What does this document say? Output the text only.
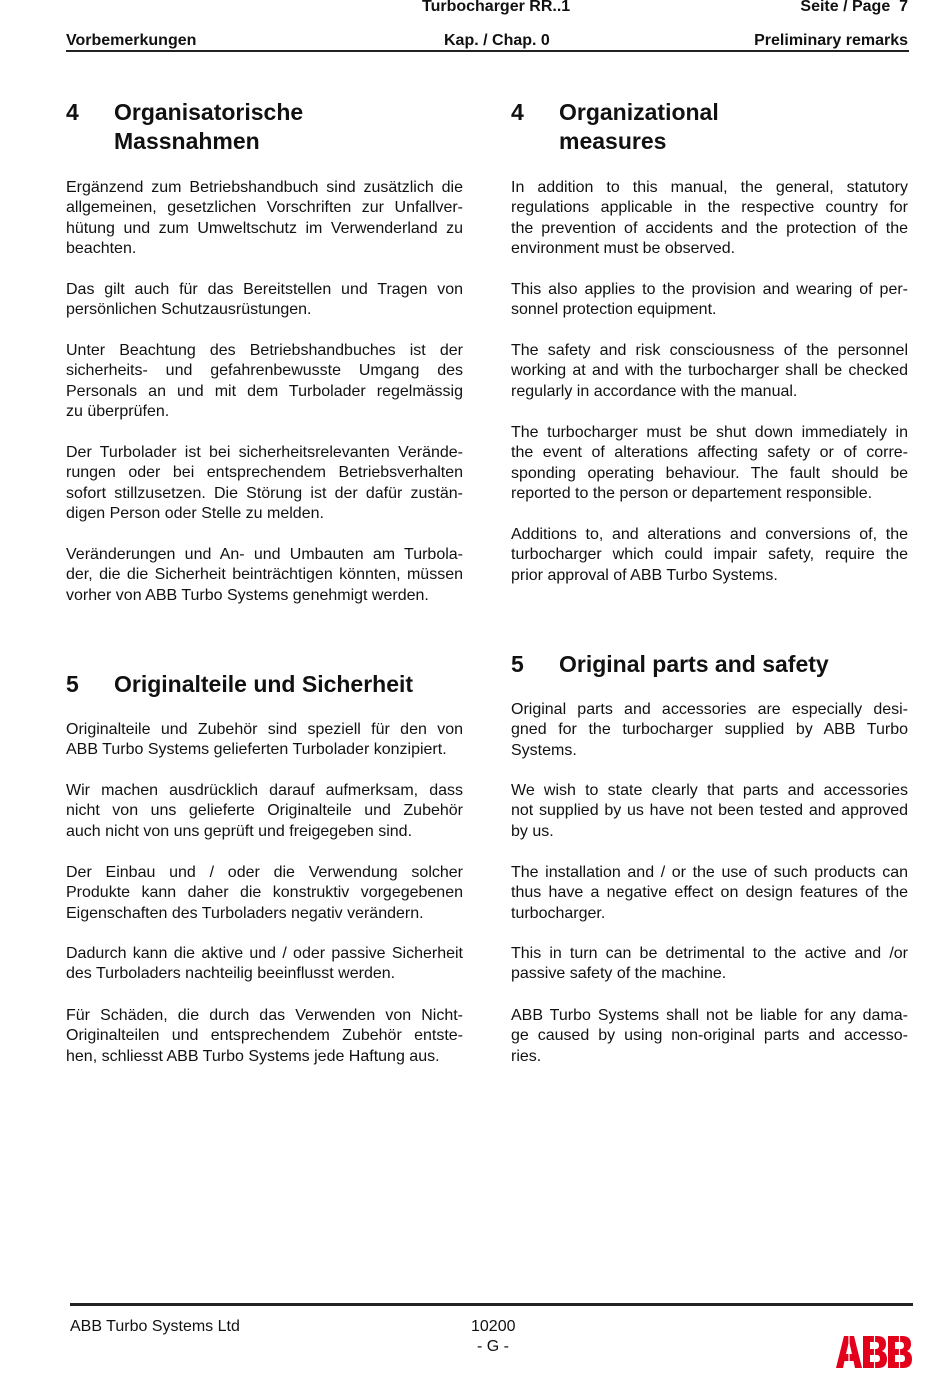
Turbocharger RR..1	Seite / Page  7
Vorbemerkungen	Kap. / Chap. 0	Preliminary remarks
4 Organisatorische
Massnahmen
Ergänzend zum Betriebshandbuch sind zusätzlich die
allgemeinen, gesetzlichen Vorschriften zur Unfallver-
hütung und zum Umweltschutz im Verwenderland zu
beachten.
Das gilt auch für das Bereitstellen und Tragen von
persönlichen Schutzausrüstungen.
Unter Beachtung des Betriebshandbuches ist der
sicherheits- und gefahrenbewusste Umgang des
Personals an und mit dem Turbolader regelmässig
zu überprüfen.
Der Turbolader ist bei sicherheitsrelevanten Verände-
rungen oder bei entsprechendem Betriebsverhalten
sofort stillzusetzen. Die Störung ist der dafür zustän-
digen Person oder Stelle zu melden.
Veränderungen und An- und Umbauten am Turbola-
der, die die Sicherheit beinträchtigen könnten, müssen
vorher von ABB Turbo Systems genehmigt werden.
4 Organizational
measures
In addition to this manual, the general, statutory
regulations applicable in the respective country for
the prevention of accidents and the protection of the
environment must be observed.
This also applies to the provision and wearing of per-
sonnel protection equipment.
The safety and risk consciousness of the personnel
working at and with the turbocharger shall be checked
regularly in accordance with the manual.
The turbocharger must be shut down immediately in
the event of alterations affecting safety or of corre-
sponding operating behaviour. The fault should be
reported to the person or departement responsible.
Additions to, and alterations and conversions of, the
turbocharger which could impair safety, require the
prior approval of ABB Turbo Systems.
5 Originalteile und Sicherheit
Originalteile und Zubehör sind speziell für den von
ABB Turbo Systems gelieferten Turbolader konzipiert.
Wir machen ausdrücklich darauf aufmerksam, dass
nicht von uns gelieferte Originalteile und Zubehör
auch nicht von uns geprüft und freigegeben sind.
Der Einbau und / oder die Verwendung solcher
Produkte kann daher die konstruktiv vorgegebenen
Eigenschaften des Turboladers negativ verändern.
Dadurch kann die aktive und / oder passive Sicherheit
des Turboladers nachteilig beeinflusst werden.
Für Schäden, die durch das Verwenden von Nicht-
Originalteilen und entsprechendem Zubehör entste-
hen, schliesst ABB Turbo Systems jede Haftung aus.
5 Original parts and safety
Original parts and accessories are especially desi-
gned for the turbocharger supplied by ABB Turbo
Systems.
We wish to state clearly that parts and accessories
not supplied by us have not been tested and approved
by us.
The installation and / or the use of such products can
thus have a negative effect on design features of the
turbocharger.
This in turn can be detrimental to the active and /or
passive safety of the machine.
ABB Turbo Systems shall not be liable for any dama-
ge caused by using non-original parts and accesso-
ries.
ABB Turbo Systems Ltd	10200
- G -
